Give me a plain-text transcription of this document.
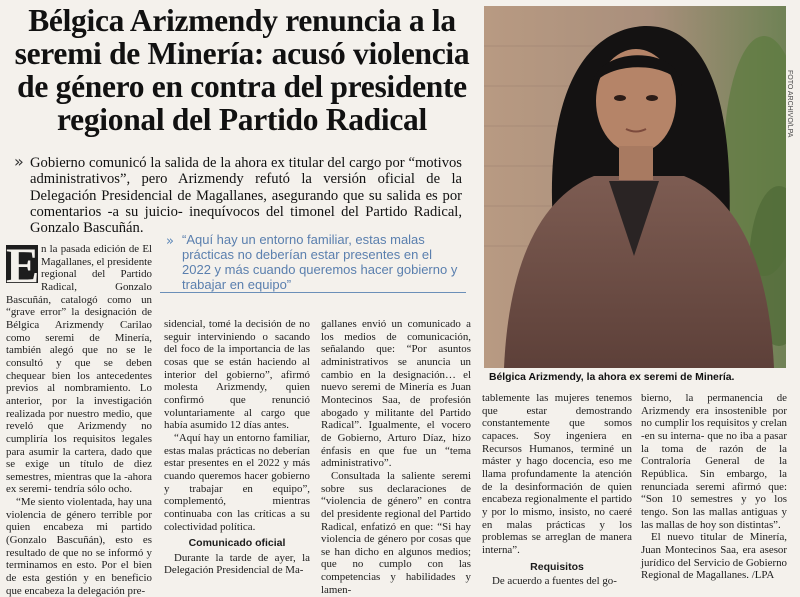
Bélgica Arizmendy renuncia a la seremi de Minería: acusó violencia de género en contra del presidente regional del Partido Radical
» Gobierno comunicó la salida de la ahora ex titular del cargo por “motivos administrativos”, pero Arizmendy refutó la versión oficial de la Delegación Presidencial de Magallanes, asegurando que su salida es por comentarios -a su juicio- inequívocos del timonel del Partido Radical, Gonzalo Bascuñán.
FOTO ARCHIVO/LPA
Bélgica Arizmendy, la ahora ex seremi de Minería.
» “Aquí hay un entorno familiar, estas malas prácticas no deberían estar presentes en el 2022 y más cuando queremos hacer gobierno y trabajar en equipo”

E n la pasada edición de El Magallanes, el presidente regional del Partido Radical, Gonzalo Bascuñán, catalogó como un “grave error” la designación de Bélgica Arizmendy Carilao como seremi de Minería, también alegó que no se le consultó y que se deben chequear bien los antecedentes previos al nombramiento. Lo anterior, por la investigación realizada por nuestro medio, que reveló que Arizmendy no cumpliría los requisitos legales para asumir la cartera, dado que se exige un título de diez semestres, mientras que la -ahora ex seremi- tendría sólo ocho.

“Me siento violentada, hay una violencia de género terrible por quien encabeza mi partido (Gonzalo Bascuñán), esto es resultado de que no se informó y terminamos en esto. Por el bien de esta gestión y en beneficio que encabeza la delegación pre-

sidencial, tomé la decisión de no seguir interviniendo o sacando del foco de la importancia de las cosas que se están haciendo al interior del gobierno”, afirmó molesta Arizmendy, quien confirmó que renunció voluntariamente al cargo que había asumido 12 días antes.

“Aquí hay un entorno familiar, estas malas prácticas no deberían estar presentes en el 2022 y más cuando queremos hacer gobierno y trabajar en equipo”, complementó, mientras continuaba con las críticas a su colectividad política.

Comunicado oficial

Durante la tarde de ayer, la Delegación Presidencial de Ma-

gallanes envió un comunicado a los medios de comunicación, señalando que: “Por asuntos administrativos se anuncia un cambio en la designación… el nuevo seremi de Minería es Juan Montecinos Saa, de profesión abogado y militante del Partido Radical”. Igualmente, el vocero de Gobierno, Arturo Díaz, hizo énfasis en que fue un “tema administrativo”.

Consultada la saliente seremi sobre sus declaraciones de “violencia de género” en contra del presidente regional del Partido Radical, enfatizó en que: “Si hay violencia de género por cosas que se han dicho en algunos medios; que no cumplo con las competencias y habilidades y lamen-

tablemente las mujeres tenemos que estar demostrando constantemente que somos capaces. Soy ingeniera en Recursos Humanos, terminé un máster y hago docencia, eso me llama profundamente la atención de la desinformación de quien encabeza regionalmente el partido y por lo mismo, insisto, no caeré en malas prácticas y los problemas se arreglan de manera interna”.

Requisitos

De acuerdo a fuentes del go-

bierno, la permanencia de Arizmendy era insostenible por no cumplir los requisitos y crelan -en su interna- que no iba a pasar la toma de razón de la Contraloría General de la República. Sin embargo, la renunciada seremi afirmó que: “Son 10 semestres y yo los tengo. Son las mallas antiguas y las mallas de hoy son distintas”.

El nuevo titular de Minería, Juan Montecinos Saa, era asesor jurídico del Servicio de Gobierno Regional de Magallanes. /LPA
